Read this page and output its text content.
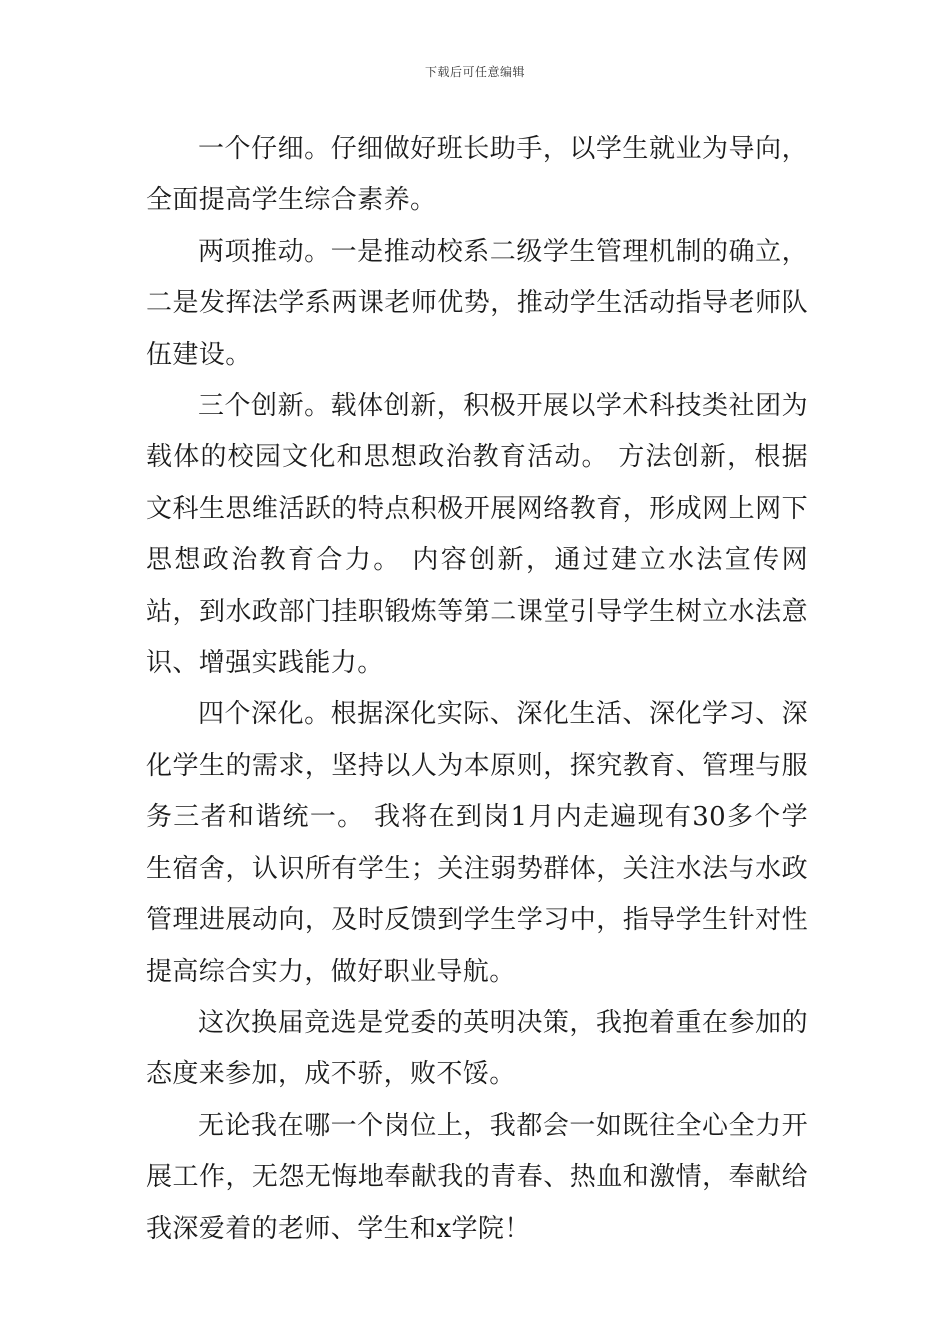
下载后可任意编辑

一个仔细。仔细做好班长助手，以学生就业为导向，全面提高学生综合素养。

两项推动。一是推动校系二级学生管理机制的确立，二是发挥法学系两课老师优势，推动学生活动指导老师队伍建设。

三个创新。载体创新，积极开展以学术科技类社团为载体的校园文化和思想政治教育活动。 方法创新，根据文科生思维活跃的特点积极开展网络教育，形成网上网下思想政治教育合力。 内容创新，通过建立水法宣传网站，到水政部门挂职锻炼等第二课堂引导学生树立水法意识、增强实践能力。

四个深化。根据深化实际、深化生活、深化学习、深化学生的需求，坚持以人为本原则，探究教育、管理与服务三者和谐统一。 我将在到岗1月内走遍现有30多个学生宿舍，认识所有学生；关注弱势群体，关注水法与水政管理进展动向，及时反馈到学生学习中，指导学生针对性提高综合实力，做好职业导航。

这次换届竞选是党委的英明决策，我抱着重在参加的态度来参加，成不骄，败不馁。

无论我在哪一个岗位上，我都会一如既往全心全力开展工作，无怨无悔地奉献我的青春、热血和激情，奉献给我深爱着的老师、学生和x学院！
